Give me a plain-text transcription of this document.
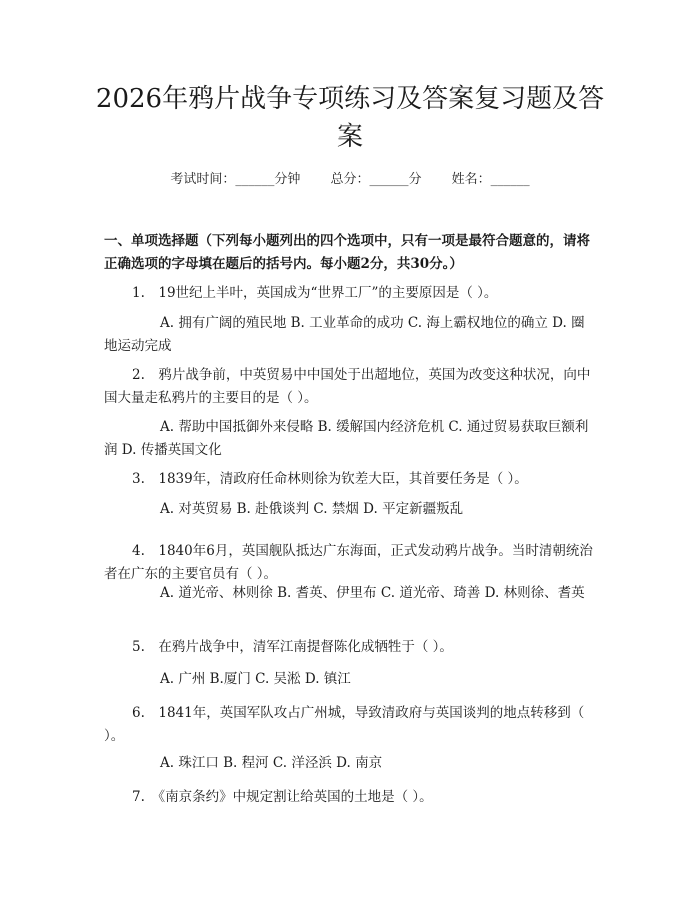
2026年鸦片战争专项练习及答案复习题及答案
考试时间：______分钟 总分：______分 姓名：______
一、单项选择题（下列每小题列出的四个选项中，只有一项是最符合题意的，请将正确选项的字母填在题后的括号内。每小题2分，共30分。）
1.　19世纪上半叶，英国成为“世界工厂”的主要原因是（ ）。
A. 拥有广阔的殖民地 B. 工业革命的成功 C. 海上霸权地位的确立 D. 圈地运动完成
2.　鸦片战争前，中英贸易中中国处于出超地位，英国为改变这种状况，向中国大量走私鸦片的主要目的是（ ）。
A. 帮助中国抵御外来侵略 B. 缓解国内经济危机 C. 通过贸易获取巨额利润 D. 传播英国文化
3.　1839年，清政府任命林则徐为钦差大臣，其首要任务是（ ）。
A. 对英贸易 B. 赴俄谈判 C. 禁烟 D. 平定新疆叛乱
4.　1840年6月，英国舰队抵达广东海面，正式发动鸦片战争。当时清朝统治者在广东的主要官员有（ ）。
A. 道光帝、林则徐 B. 耆英、伊里布 C. 道光帝、琦善 D. 林则徐、耆英
5.　在鸦片战争中，清军江南提督陈化成牺牲于（ ）。
A. 广州 B.厦门 C. 吴淞 D. 镇江
6.　1841年，英国军队攻占广州城，导致清政府与英国谈判的地点转移到（ ）。
A. 珠江口 B. 程河 C. 洋泾浜 D. 南京
7.　《南京条约》中规定割让给英国的土地是（ ）。
